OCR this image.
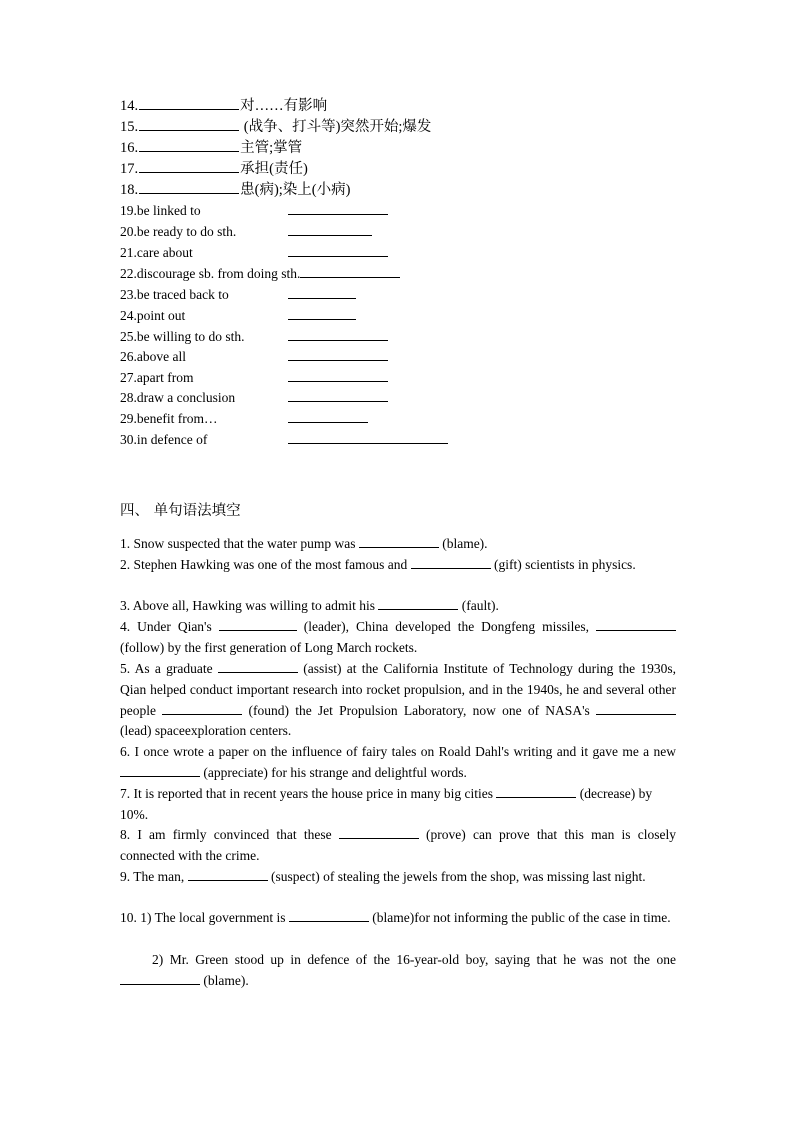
14.	对……有影响
15.	(战争、打斗等)突然开始;爆发
16.	主管;掌管
17.	承担(责任)
18.	患(病);染上(小病)
19.be linked to
20.be ready to do sth.
21.care about
22.discourage sb. from doing sth.
23.be traced back to
24.point out
25.be willing to do sth.
26.above all
27.apart from
28.draw a conclusion
29.benefit from…
30.in defence of
四、 单句语法填空

1. Snow suspected that the water pump was	(blame).

2. Stephen Hawking was one of the most famous and	(gift) scientists in physics.

3. Above all, Hawking was willing to admit his	(fault).

4. Under Qian's	(leader), China developed the Dongfeng missiles,  (follow) by the first generation of Long March rockets.

5. As a graduate	(assist) at the California Institute of Technology during the 1930s, Qian helped conduct important research into rocket propulsion, and in the 1940s, he and several other people	(found) the Jet Propulsion Laboratory, now one of NASA's  (lead) spaceexploration centers.

6. I once wrote a paper on the influence of fairy tales on Roald Dahl's writing and it gave me a new  (appreciate) for his strange and delightful words.

7. It is reported that in recent years the house price in many big cities	(decrease) by 10%.

8. I am firmly convinced that these	(prove) can prove that this man is closely connected with the crime.

9. The man,	(suspect) of stealing the jewels from the shop, was missing last night.

10. 1) The local government is	(blame)for not informing the public of the case in time.

2) Mr. Green stood up in defence of the 16-year-old boy, saying that he was not the one  (blame).
